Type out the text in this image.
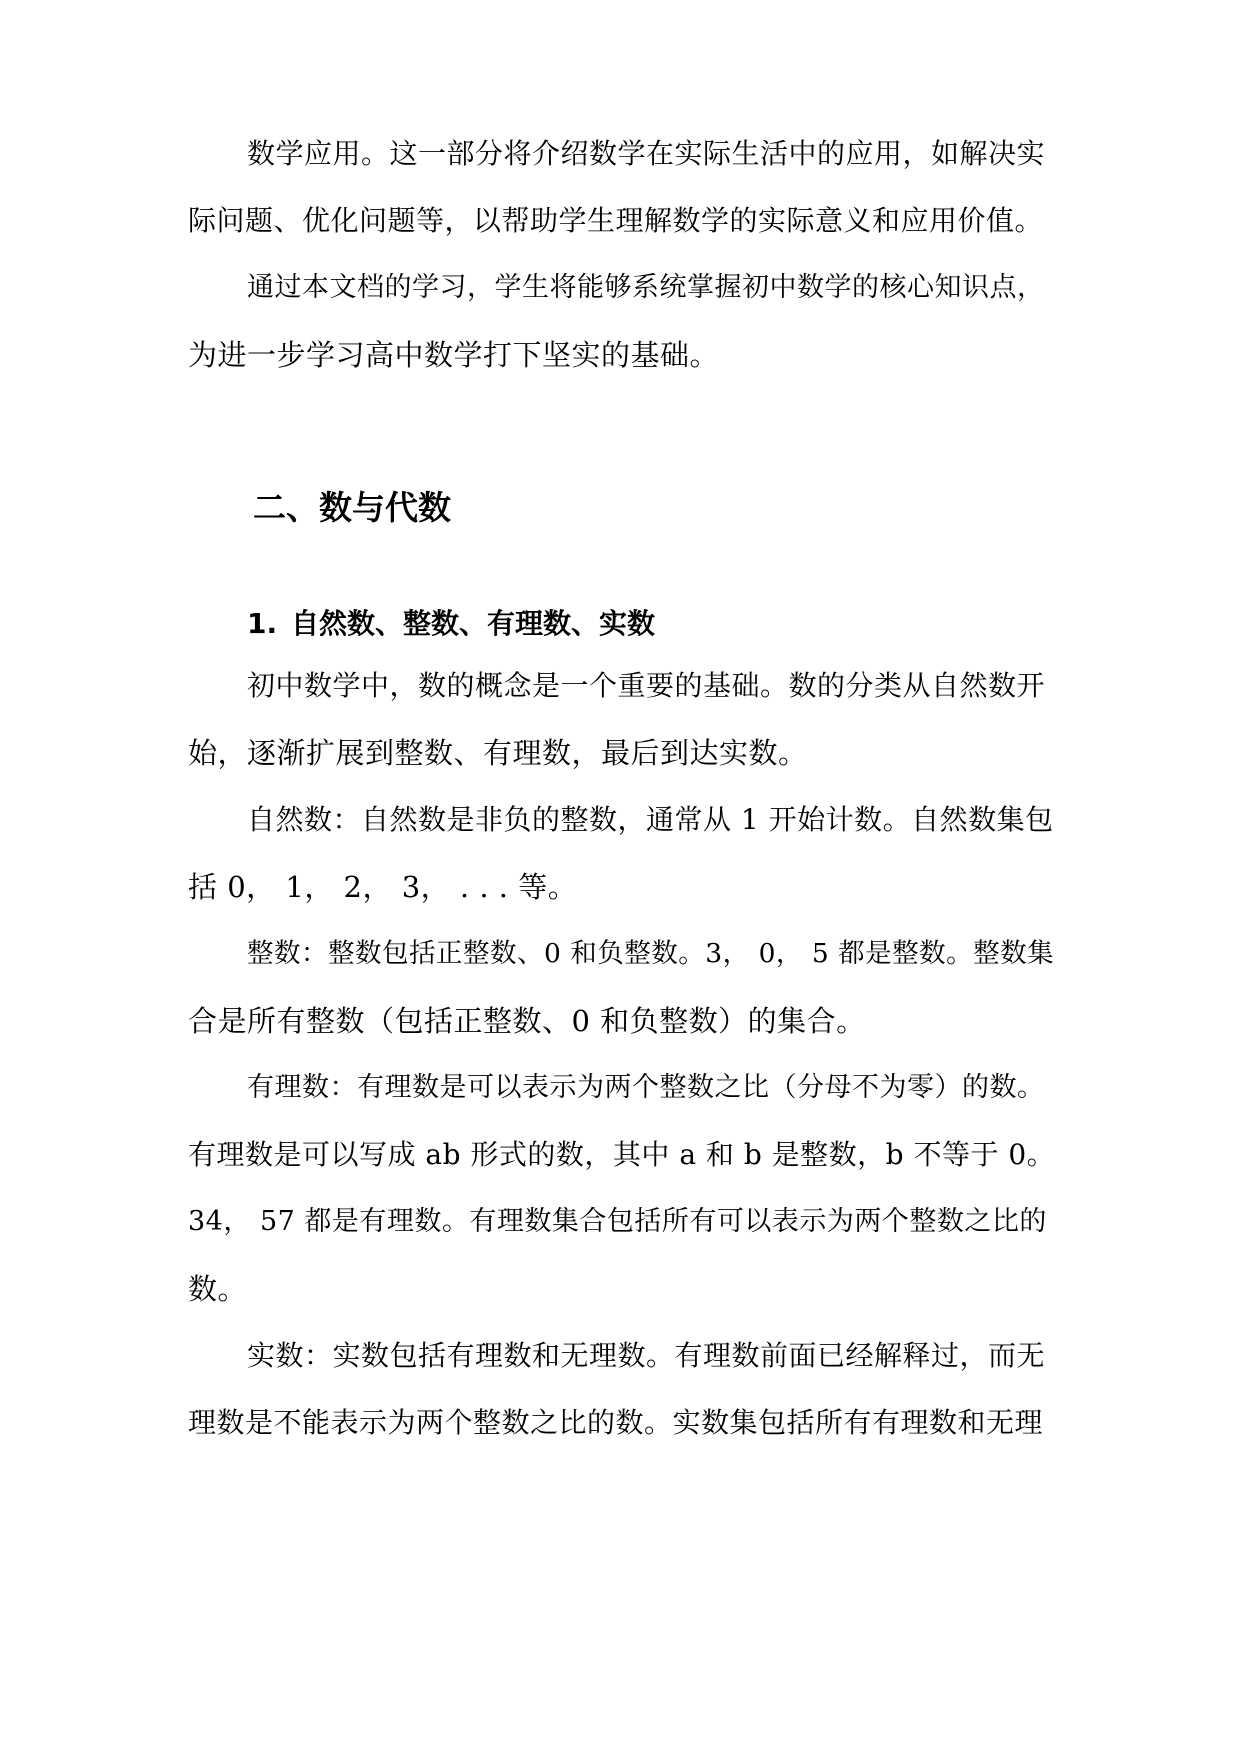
数学应用。这一部分将介绍数学在实际生活中的应用，如解决实
际问题、优化问题等，以帮助学生理解数学的实际意义和应用价值。
通过本文档的学习，学生将能够系统掌握初中数学的核心知识点，
为进一步学习高中数学打下坚实的基础。
二、数与代数
1. 自然数、整数、有理数、实数
初中数学中，数的概念是一个重要的基础。数的分类从自然数开
始，逐渐扩展到整数、有理数，最后到达实数。
自然数：自然数是非负的整数，通常从 1 开始计数。自然数集包
括 0， 1， 2， 3， . . . 等。
整数：整数包括正整数、0 和负整数。3， 0， 5 都是整数。整数集
合是所有整数（包括正整数、0 和负整数）的集合。
有理数：有理数是可以表示为两个整数之比（分母不为零）的数。
有理数是可以写成 ab 形式的数，其中 a 和 b 是整数，b 不等于 0。
34， 57 都是有理数。有理数集合包括所有可以表示为两个整数之比的
数。
实数：实数包括有理数和无理数。有理数前面已经解释过，而无
理数是不能表示为两个整数之比的数。实数集包括所有有理数和无理
